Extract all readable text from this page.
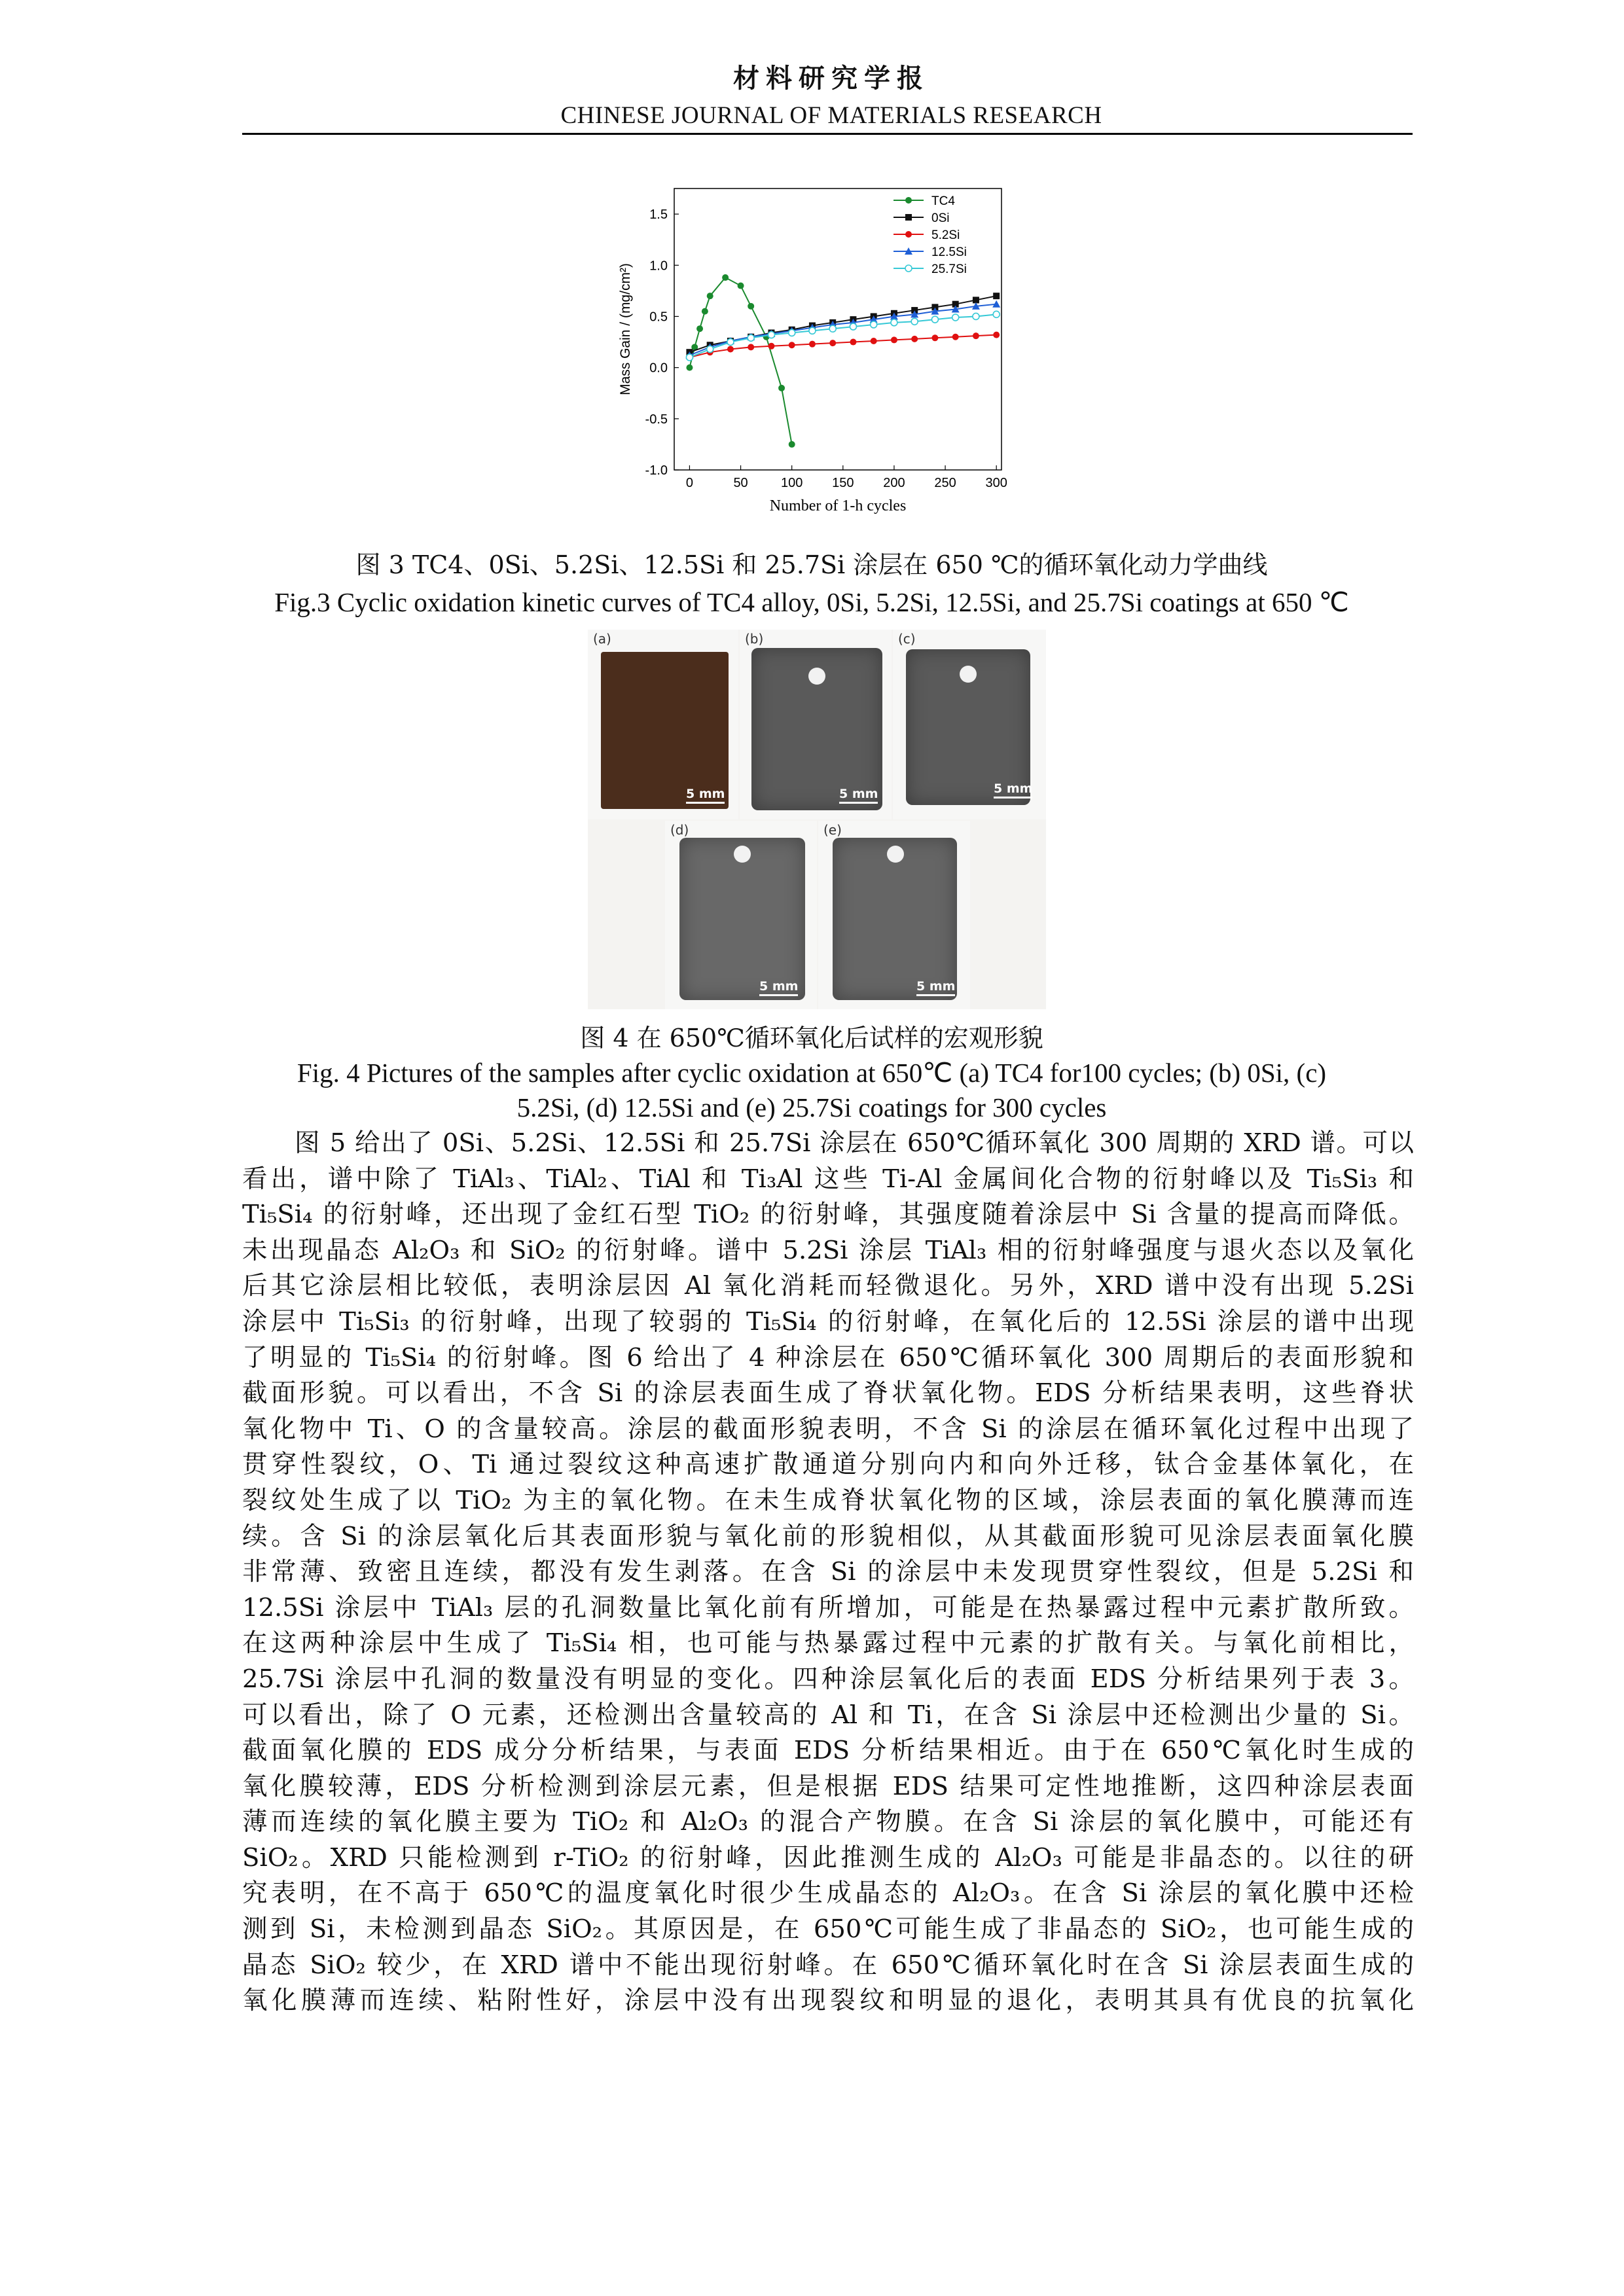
材料研究学报
CHINESE JOURNAL OF MATERIALS RESEARCH
0	50	100 150 200 250 300
-1.0
-0.5
0.0
0.5
1.0
1.5
Number of 1-h cycles
Mass Gain / (mg/cm²)
TC4
0Si
5.2Si
12.5Si
25.7Si
图 3 TC4、0Si、5.2Si、12.5Si 和 25.7Si 涂层在 650 ℃的循环氧化动力学曲线
Fig.3 Cyclic oxidation kinetic curves of TC4 alloy, 0Si, 5.2Si, 12.5Si, and 25.7Si coatings at 650 ℃
(a)
5 mm
(b)
5 mm
(c)
5 mm
(d)
5 mm
(e)
5 mm
图 4 在 650℃循环氧化后试样的宏观形貌
Fig. 4 Pictures of the samples after cyclic oxidation at 650℃ (a) TC4 for100 cycles; (b) 0Si, (c)
5.2Si, (d) 12.5Si and (e) 25.7Si coatings for 300 cycles
　　图 5 给出了 0Si、5.2Si、12.5Si 和 25.7Si 涂层在 650℃循环氧化 300 周期的 XRD 谱。可以
看出，谱中除了 TiAl₃、TiAl₂、TiAl 和 Ti₃Al 这些 Ti-Al 金属间化合物的衍射峰以及 Ti₅Si₃ 和
Ti₅Si₄ 的衍射峰，还出现了金红石型 TiO₂ 的衍射峰，其强度随着涂层中 Si 含量的提高而降低。
未出现晶态 Al₂O₃ 和 SiO₂ 的衍射峰。谱中 5.2Si 涂层 TiAl₃ 相的衍射峰强度与退火态以及氧化
后其它涂层相比较低，表明涂层因 Al 氧化消耗而轻微退化。另外，XRD 谱中没有出现 5.2Si
涂层中 Ti₅Si₃ 的衍射峰，出现了较弱的 Ti₅Si₄ 的衍射峰，在氧化后的 12.5Si 涂层的谱中出现
了明显的 Ti₅Si₄ 的衍射峰。图 6 给出了 4 种涂层在 650℃循环氧化 300 周期后的表面形貌和
截面形貌。可以看出，不含 Si 的涂层表面生成了脊状氧化物。EDS 分析结果表明，这些脊状
氧化物中 Ti、O 的含量较高。涂层的截面形貌表明，不含 Si 的涂层在循环氧化过程中出现了
贯穿性裂纹，O、Ti 通过裂纹这种高速扩散通道分别向内和向外迁移，钛合金基体氧化，在
裂纹处生成了以 TiO₂ 为主的氧化物。在未生成脊状氧化物的区域，涂层表面的氧化膜薄而连
续。含 Si 的涂层氧化后其表面形貌与氧化前的形貌相似，从其截面形貌可见涂层表面氧化膜
非常薄、致密且连续，都没有发生剥落。在含 Si 的涂层中未发现贯穿性裂纹，但是 5.2Si 和
12.5Si 涂层中 TiAl₃ 层的孔洞数量比氧化前有所增加，可能是在热暴露过程中元素扩散所致。
在这两种涂层中生成了 Ti₅Si₄ 相，也可能与热暴露过程中元素的扩散有关。与氧化前相比，
25.7Si 涂层中孔洞的数量没有明显的变化。四种涂层氧化后的表面 EDS 分析结果列于表 3。
可以看出，除了 O 元素，还检测出含量较高的 Al 和 Ti，在含 Si 涂层中还检测出少量的 Si。
截面氧化膜的 EDS 成分分析结果，与表面 EDS 分析结果相近。由于在 650℃氧化时生成的
氧化膜较薄，EDS 分析检测到涂层元素，但是根据 EDS 结果可定性地推断，这四种涂层表面
薄而连续的氧化膜主要为 TiO₂ 和 Al₂O₃ 的混合产物膜。在含 Si 涂层的氧化膜中，可能还有
SiO₂。XRD 只能检测到 r-TiO₂ 的衍射峰，因此推测生成的 Al₂O₃ 可能是非晶态的。以往的研
究表明，在不高于 650℃的温度氧化时很少生成晶态的 Al₂O₃。在含 Si 涂层的氧化膜中还检
测到 Si，未检测到晶态 SiO₂。其原因是，在 650℃可能生成了非晶态的 SiO₂，也可能生成的
晶态 SiO₂ 较少，在 XRD 谱中不能出现衍射峰。在 650℃循环氧化时在含 Si 涂层表面生成的
氧化膜薄而连续、粘附性好，涂层中没有出现裂纹和明显的退化，表明其具有优良的抗氧化
